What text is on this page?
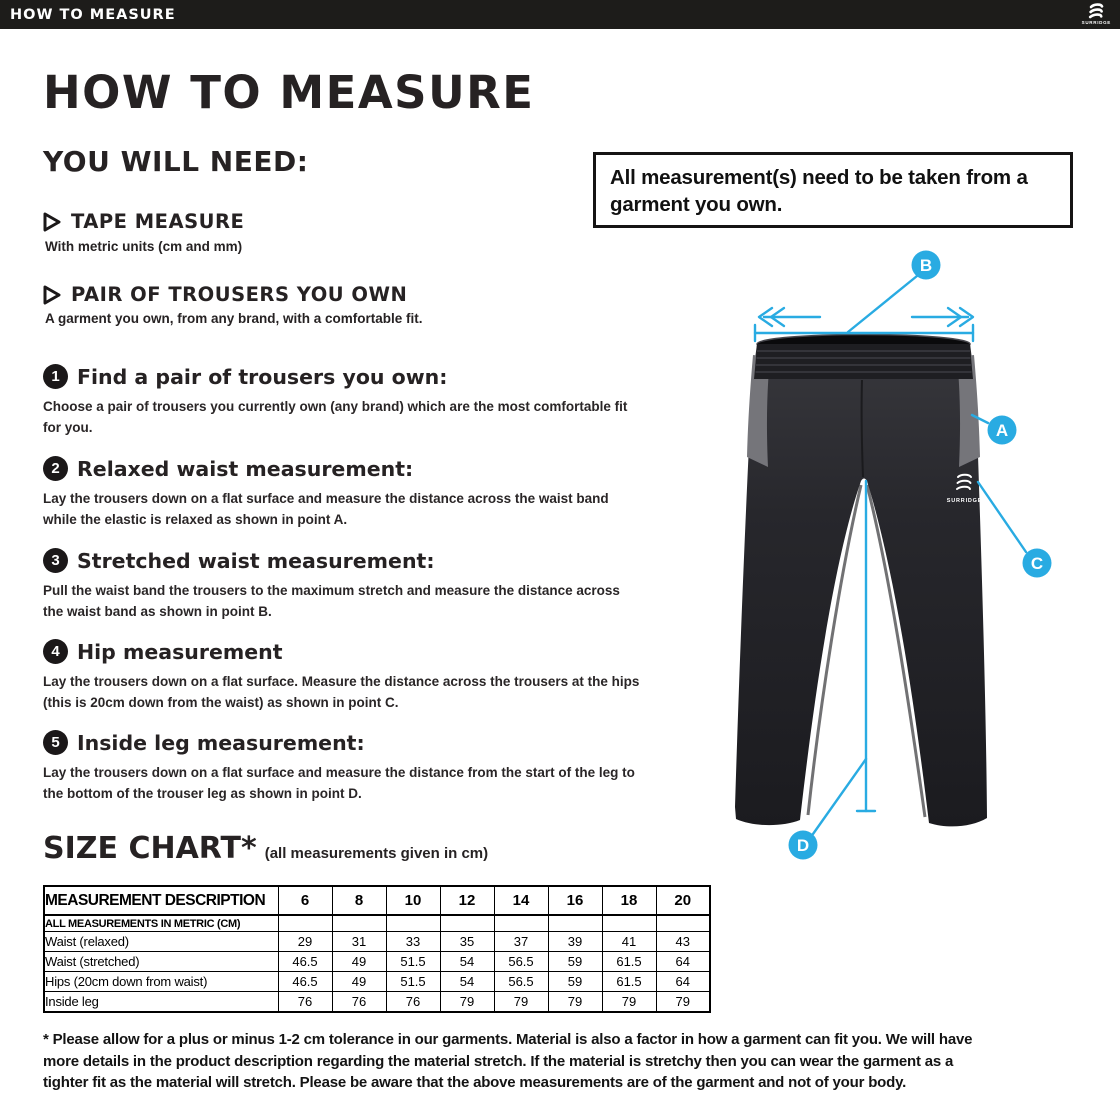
HOW TO MEASURE
SURRIDGE
HOW TO MEASURE
YOU WILL NEED:
TAPE MEASURE
With metric units (cm and mm)
PAIR OF TROUSERS YOU OWN
A garment you own, from any brand, with a comfortable fit.
All measurement(s) need to be taken from a garment you own.
1 Find a pair of trousers you own:
Choose a pair of trousers you currently own (any brand) which are the most comfortable fit for you.
2 Relaxed waist measurement:
Lay the trousers down on a flat surface and measure the distance across the waist band while the elastic is relaxed as shown in point A.
3 Stretched waist measurement:
Pull the waist band the trousers to the maximum stretch and measure the distance across the waist band as shown in point B.
4 Hip measurement
Lay the trousers down on a flat surface. Measure the distance across the trousers at the hips (this is 20cm down from the waist) as shown in point C.
5 Inside leg measurement:
Lay the trousers down on a flat surface and measure the distance from the start of the leg to the bottom of the trouser leg as shown in point D.
SURRIDGE
B
A
C
D
SIZE CHART* (all measurements given in cm)
MEASUREMENT DESCRIPTION	6	8	10	12	14	16	18	20
ALL MEASUREMENTS IN METRIC (CM)								
Waist (relaxed)	29	31	33	35	37	39	41	43
Waist (stretched)	46.5	49	51.5	54	56.5	59	61.5	64
Hips (20cm down from waist)	46.5	49	51.5	54	56.5	59	61.5	64
Inside leg	76	76	76	79	79	79	79	79
* Please allow for a plus or minus 1-2 cm tolerance in our garments. Material is also a factor in how a garment can fit you. We will have
more details in the product description regarding the material stretch. If the material is stretchy then you can wear the garment as a
tighter fit as the material will stretch. Please be aware that the above measurements are of the garment and not of your body.
